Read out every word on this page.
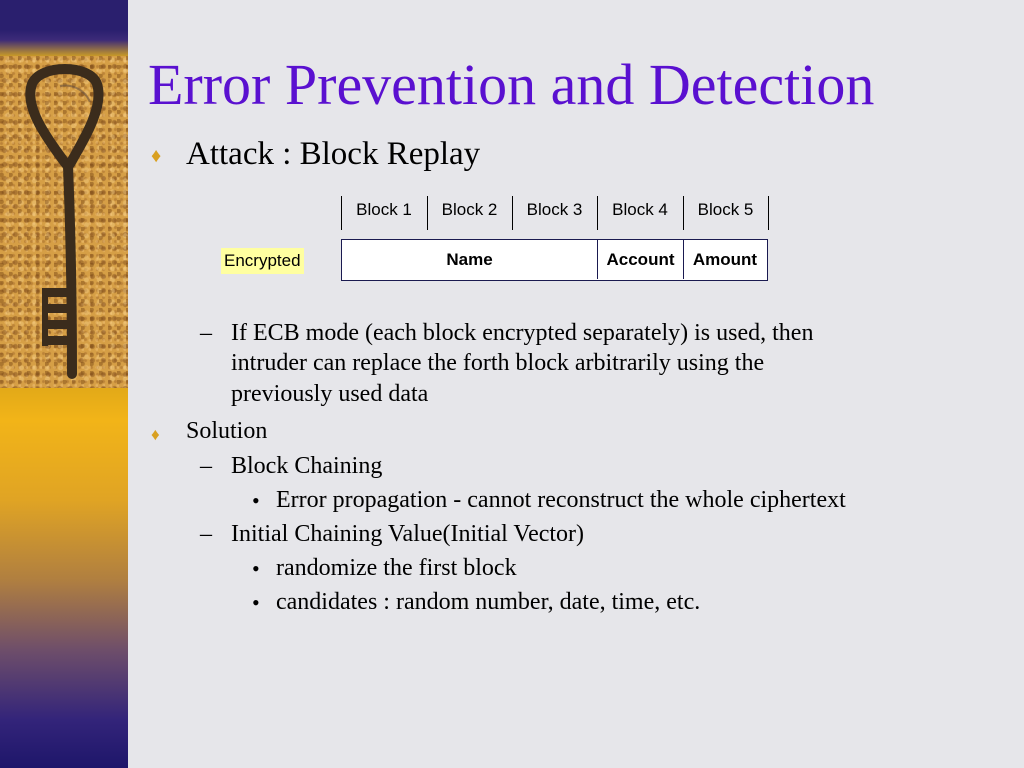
Error Prevention and Detection
♦ Attack : Block Replay
Block 1	Block 2	Block 3	Block 4	Block 5
Encrypted	Name	Account	Amount
– If ECB mode (each block encrypted separately) is used, then
intruder can replace the forth block arbitrarily using the
previously used data
♦ Solution
– Block Chaining
• Error propagation - cannot reconstruct the whole ciphertext
– Initial Chaining Value(Initial Vector)
• randomize the first block
• candidates : random number, date, time, etc.
